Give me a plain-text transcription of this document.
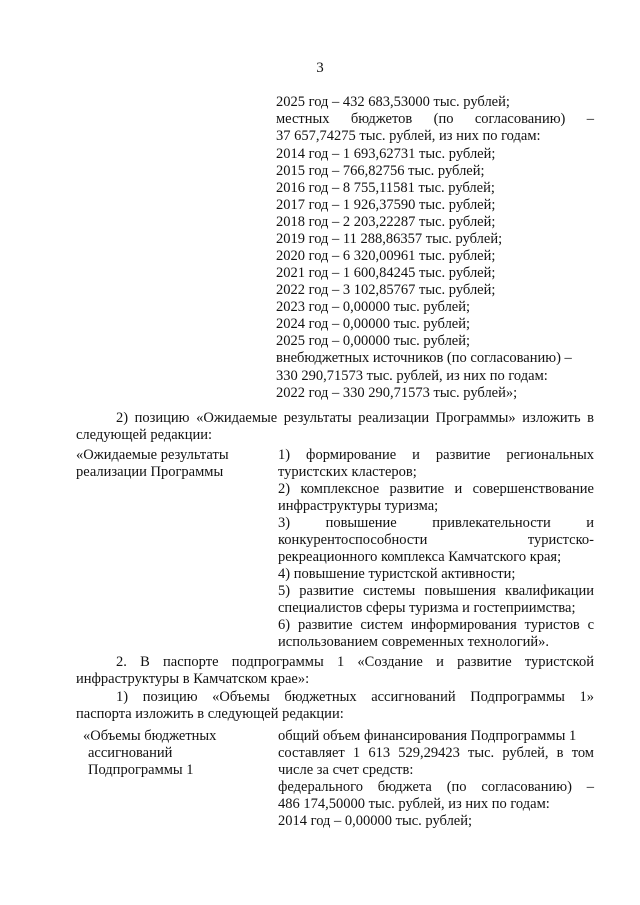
3
2025 год – 432 683,53000 тыс. рублей;
местных бюджетов (по согласованию) –
37 657,74275 тыс. рублей, из них по годам:
2014 год – 1 693,62731 тыс. рублей;
2015 год – 766,82756 тыс. рублей;
2016 год – 8 755,11581 тыс. рублей;
2017 год – 1 926,37590 тыс. рублей;
2018 год – 2 203,22287 тыс. рублей;
2019 год – 11 288,86357 тыс. рублей;
2020 год – 6 320,00961 тыс. рублей;
2021 год – 1 600,84245 тыс. рублей;
2022 год – 3 102,85767 тыс. рублей;
2023 год – 0,00000 тыс. рублей;
2024 год – 0,00000 тыс. рублей;
2025 год – 0,00000 тыс. рублей;
внебюджетных источников (по согласованию) –
330 290,71573 тыс. рублей, из них по годам:
2022 год – 330 290,71573 тыс. рублей»;
2) позицию «Ожидаемые результаты реализации Программы» изложить в
следующей редакции:
«Ожидаемые результаты
реализации Программы
1) формирование и развитие региональных
туристских кластеров;
2) комплексное развитие и совершенствование
инфраструктуры туризма;
3) повышение привлекательности и
конкурентоспособности туристско-
рекреационного комплекса Камчатского края;
4) повышение туристской активности;
5) развитие системы повышения квалификации
специалистов сферы туризма и гостеприимства;
6) развитие систем информирования туристов с
использованием современных технологий».
2. В паспорте подпрограммы 1 «Создание и развитие туристской
инфраструктуры в Камчатском крае»:
1) позицию «Объемы бюджетных ассигнований Подпрограммы 1»
паспорта изложить в следующей редакции:
«Объемы бюджетных
ассигнований
Подпрограммы 1
общий объем финансирования Подпрограммы 1
составляет 1 613 529,29423 тыс. рублей, в том
числе за счет средств:
федерального бюджета (по согласованию) –
486 174,50000 тыс. рублей, из них по годам:
2014 год – 0,00000 тыс. рублей;
